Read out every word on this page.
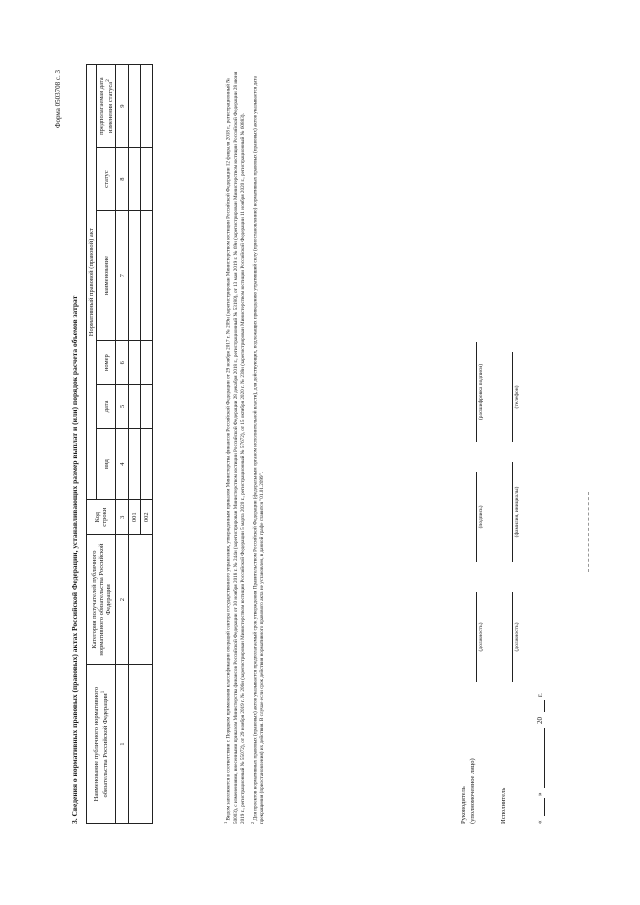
Форма 0503708 с. 3
3. Сведения о нормативных правовых (правовых) актах Российской Федерации, устанавливающих размер выплат и (или) порядок расчета объемов затрат Наименование публичного нормативного обязательства Российской Федерации$^1$	Категория получателей публичного нормативного обязательства Российской Федерации	Код строки	Нормативный правовой (правовой) акт					
			вид	дата	номер	наименование	статус	предполагаемая дата изменения статуса$^2$
1	2	3	4	5	6	7	8	9
		001						
		002						

$^1$ Видом заполняется в соответствии с Порядком применения классификации операций сектора государственного управления, утвержденным приказом Министерства финансов Российской Федерации от 29 ноября 2017 г. № 209н (зарегистрирован Министерством юстиции Российской Федерации 12 февраля 2018 г., регистрационный № 50003), с изменениями, внесенными приказом Министерства финансов Российской Федерации от 30 ноября 2018 г. № 244н (зарегистрирован Министерством юстиции Российской Федерации 28 декабря 2018 г., регистрационный № 53180), от 13 мая 2019 г. № 69н (зарегистрирован Министерством юстиции Российской Федерации 28 июня 2019 г., регистрационный № 55072), от 29 ноября 2019 г. № 206н (зарегистрирован Министерством юстиции Российской Федерации 5 марта 2020 г., регистрационный № 57672), от 15 октября 2020 г. № 238н (зарегистрирован Министерством юстиции Российской Федерации 11 ноября 2020 г., регистрационный № 60883). $^2$ Для проектов нормативных правовых (правовых) актов указывается предполагаемый срок утверждения Правительством Российской Федерации (федеральным органом исполнительной власти), для действующих, подлежащих приведению утративший силу (приостановлению) нормативных правовых (правовых) актов указывается дата прекращения (приостановления) их действия. В случае если срок действия нормативного правового акта не установлен, в данной графе ставится "01.01.2099".	Руководитель (уполномоченное лицо)
(должность)
(подпись)
(расшифровка подписи)
Исполнитель
(должность)
(фамилия, инициалы)
(телефон)
«
»
20
г.
